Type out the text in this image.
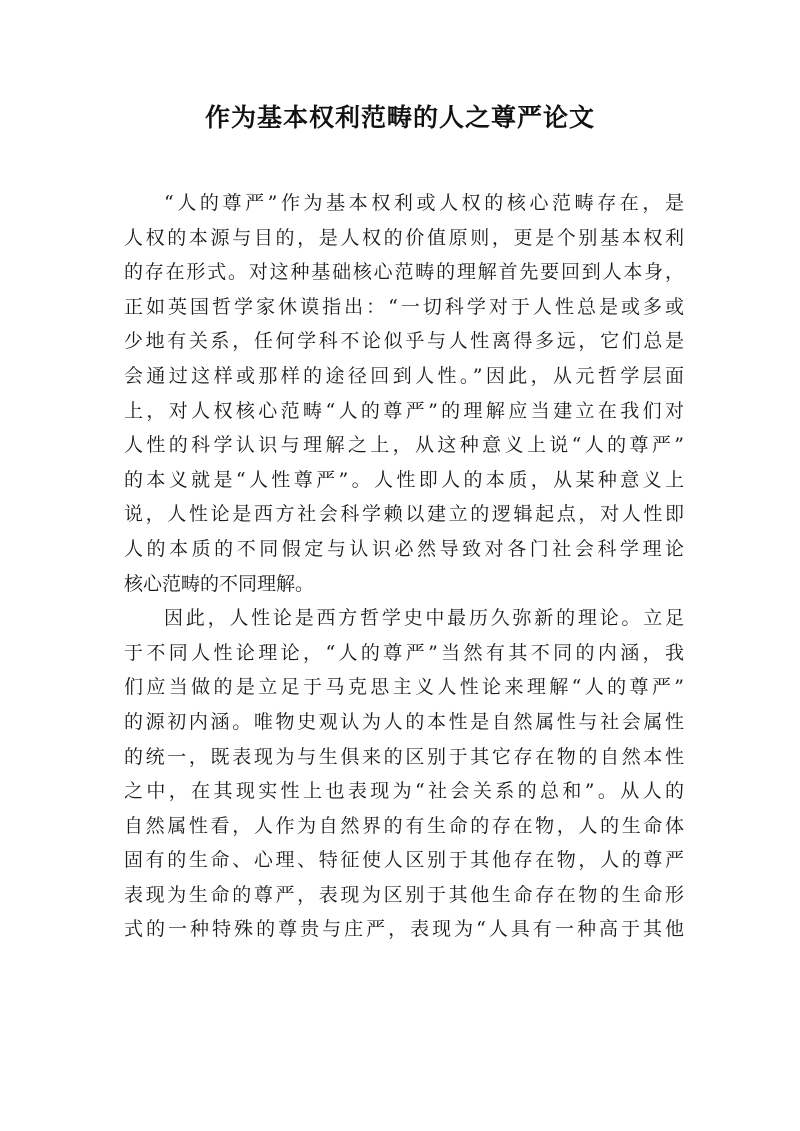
作为基本权利范畴的人之尊严论文
“人的尊严”作为基本权利或人权的核心范畴存在，是
人权的本源与目的，是人权的价值原则，更是个别基本权利
的存在形式。对这种基础核心范畴的理解首先要回到人本身，
正如英国哲学家休谟指出：“一切科学对于人性总是或多或
少地有关系，任何学科不论似乎与人性离得多远，它们总是
会通过这样或那样的途径回到人性。”因此，从元哲学层面
上，对人权核心范畴“人的尊严”的理解应当建立在我们对
人性的科学认识与理解之上，从这种意义上说“人的尊严”
的本义就是“人性尊严”。人性即人的本质，从某种意义上
说，人性论是西方社会科学赖以建立的逻辑起点，对人性即
人的本质的不同假定与认识必然导致对各门社会科学理论
核心范畴的不同理解。
因此，人性论是西方哲学史中最历久弥新的理论。立足
于不同人性论理论，“人的尊严”当然有其不同的内涵，我
们应当做的是立足于马克思主义人性论来理解“人的尊严”
的源初内涵。唯物史观认为人的本性是自然属性与社会属性
的统一，既表现为与生俱来的区别于其它存在物的自然本性
之中，在其现实性上也表现为“社会关系的总和”。从人的
自然属性看，人作为自然界的有生命的存在物，人的生命体
固有的生命、心理、特征使人区别于其他存在物，人的尊严
表现为生命的尊严，表现为区别于其他生命存在物的生命形
式的一种特殊的尊贵与庄严，表现为“人具有一种高于其他
